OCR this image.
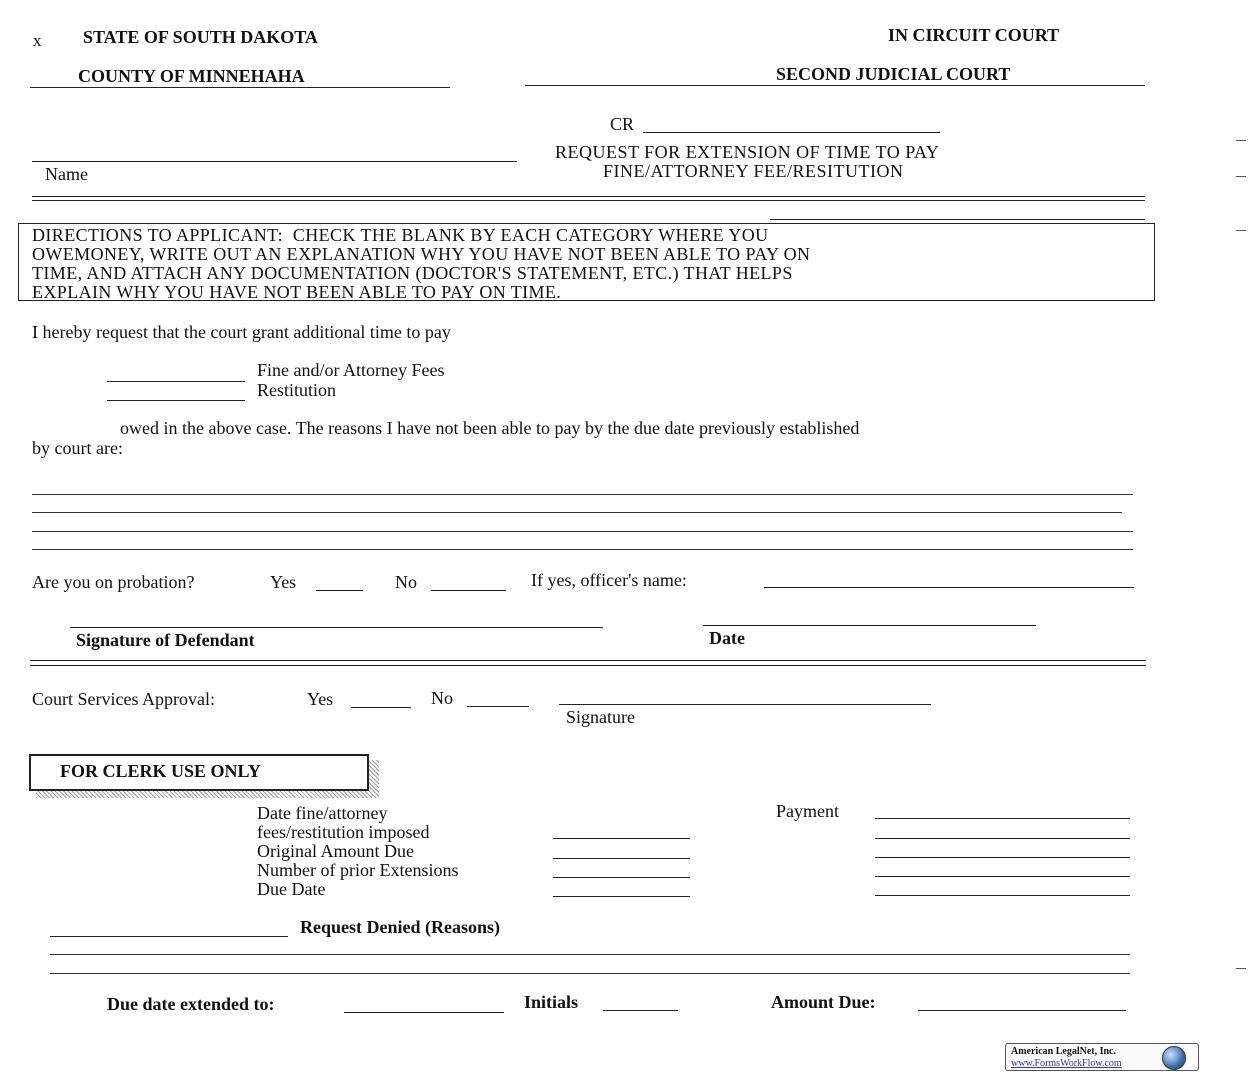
x STATE OF SOUTH DAKOTA	IN CIRCUIT COURT
COUNTY OF MINNEHAHA	SECOND JUDICIAL COURT
CR
Name
REQUEST FOR EXTENSION OF TIME TO PAY
FINE/ATTORNEY FEE/RESITUTION
DIRECTIONS TO APPLICANT:  CHECK THE BLANK BY EACH CATEGORY WHERE YOU
OWEMONEY, WRITE OUT AN EXPLANATION WHY YOU HAVE NOT BEEN ABLE TO PAY ON
TIME, AND ATTACH ANY DOCUMENTATION (DOCTOR'S STATEMENT, ETC.) THAT HELPS
EXPLAIN WHY YOU HAVE NOT BEEN ABLE TO PAY ON TIME.
I hereby request that the court grant additional time to pay
Fine and/or Attorney Fees
Restitution
owed in the above case. The reasons I have not been able to pay by the due date previously established
by court are:
Are you on probation?	Yes	No	If yes, officer's name:
Signature of Defendant	Date
Court Services Approval:	Yes	No
Signature
FOR CLERK USE ONLY
Date fine/attorney
fees/restitution imposed
Original Amount Due
Number of prior Extensions
Due Date
Payment
Request Denied (Reasons)
Due date extended to:	Initials	Amount Due:
American LegalNet, Inc.
www.FormsWorkFlow.com
